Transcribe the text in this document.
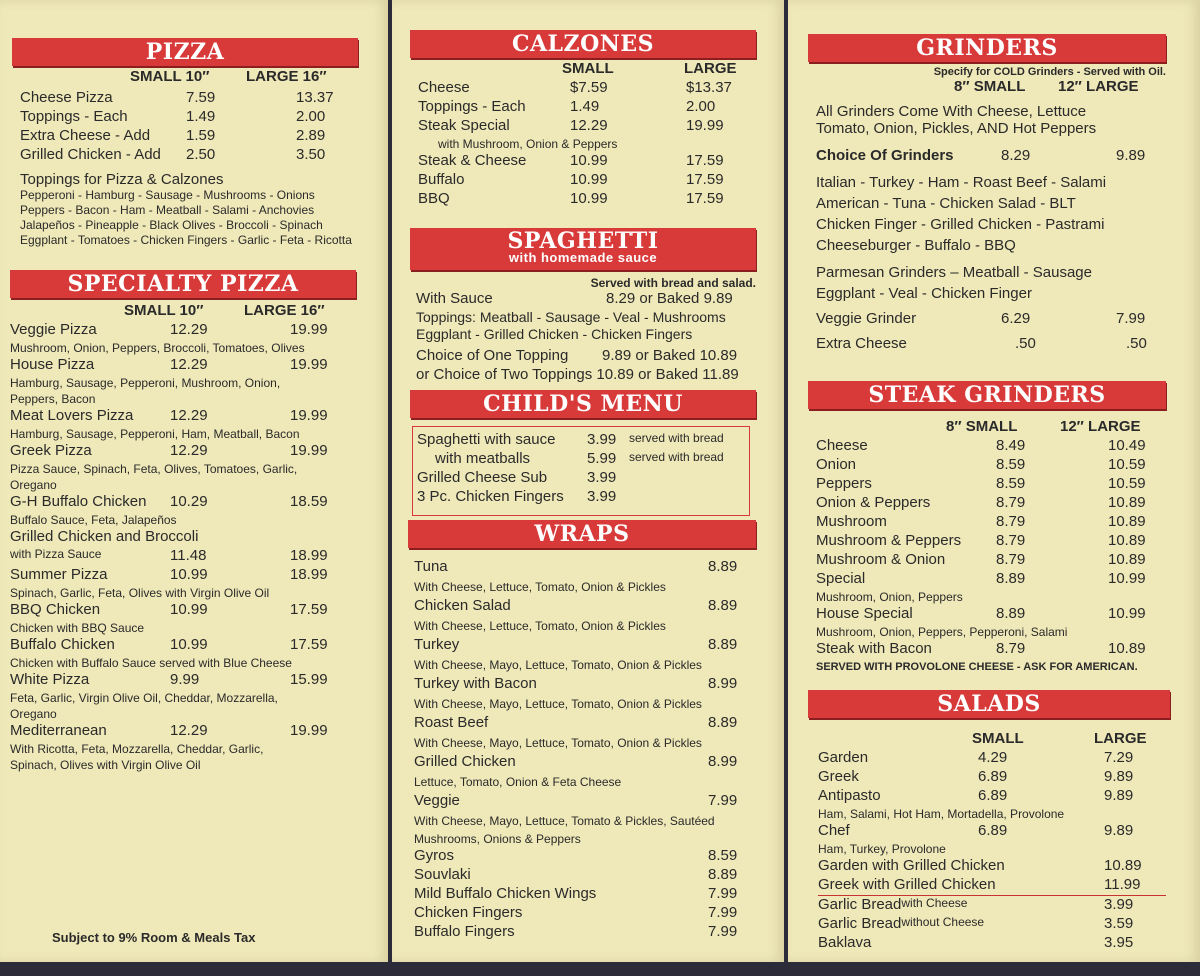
PIZZA
SMALL 10″ LARGE 16″
Cheese Pizza	7.59	13.37
Toppings - Each	1.49	2.00
Extra Cheese - Add 1.59	2.89
Grilled Chicken - Add 2.50	3.50
Toppings for Pizza & Calzones
Pepperoni - Hamburg - Sausage - Mushrooms - Onions
Peppers - Bacon - Ham - Meatball - Salami - Anchovies
Jalapeños - Pineapple - Black Olives - Broccoli - Spinach
Eggplant - Tomatoes - Chicken Fingers - Garlic - Feta - Ricotta
SPECIALTY PIZZA
SMALL 10″	LARGE 16″
Veggie Pizza	12.29	19.99
Mushroom, Onion, Peppers, Broccoli, Tomatoes, Olives
House Pizza	12.29	19.99
Hamburg, Sausage, Pepperoni, Mushroom, Onion,
Peppers, Bacon
Meat Lovers Pizza 12.29	19.99
Hamburg, Sausage, Pepperoni, Ham, Meatball, Bacon
Greek Pizza	12.29	19.99
Pizza Sauce, Spinach, Feta, Olives, Tomatoes, Garlic,
Oregano
G-H Buffalo Chicken 10.29	18.59
Buffalo Sauce, Feta, Jalapeños
Grilled Chicken and Broccoli
with Pizza Sauce	11.48	18.99
Summer Pizza	10.99	18.99
Spinach, Garlic, Feta, Olives with Virgin Olive Oil
BBQ Chicken	10.99	17.59
Chicken with BBQ Sauce
Buffalo Chicken	10.99	17.59
Chicken with Buffalo Sauce served with Blue Cheese
White Pizza	9.99	15.99
Feta, Garlic, Virgin Olive Oil, Cheddar, Mozzarella,
Oregano
Mediterranean	12.29	19.99
With Ricotta, Feta, Mozzarella, Cheddar, Garlic,
Spinach, Olives with Virgin Olive Oil
Subject to 9% Room & Meals Tax
CALZONES
SMALL	LARGE
Cheese	$7.59	$13.37
Toppings - Each	1.49	2.00
Steak Special	12.29	19.99
with Mushroom, Onion & Peppers
Steak & Cheese	10.99	17.59
Buffalo	10.99	17.59
BBQ	10.99	17.59
SPAGHETTI
with homemade sauce
Served with bread and salad.
With Sauce	8.29 or Baked 9.89
Toppings: Meatball - Sausage - Veal - Mushrooms
Eggplant - Grilled Chicken - Chicken Fingers
Choice of One Topping 9.89 or Baked 10.89
or Choice of Two Toppings 10.89 or Baked 11.89
CHILD'S MENU
Spaghetti with sauce 3.99 served with bread
with meatballs	5.99 served with bread
Grilled Cheese Sub	3.99
3 Pc. Chicken Fingers 3.99
WRAPS
Tuna	8.89
With Cheese, Lettuce, Tomato, Onion & Pickles
Chicken Salad	8.89
With Cheese, Lettuce, Tomato, Onion & Pickles
Turkey	8.89
With Cheese, Mayo, Lettuce, Tomato, Onion & Pickles
Turkey with Bacon	8.99
With Cheese, Mayo, Lettuce, Tomato, Onion & Pickles
Roast Beef	8.89
With Cheese, Mayo, Lettuce, Tomato, Onion & Pickles
Grilled Chicken	8.99
Lettuce, Tomato, Onion & Feta Cheese
Veggie	7.99
With Cheese, Mayo, Lettuce, Tomato & Pickles, Sautéed
Mushrooms, Onions & Peppers
Gyros	8.59
Souvlaki	8.89
Mild Buffalo Chicken Wings	7.99
Chicken Fingers	7.99
Buffalo Fingers	7.99
GRINDERS
Specify for COLD Grinders - Served with Oil.
8″ SMALL 12″ LARGE
All Grinders Come With Cheese, Lettuce
Tomato, Onion, Pickles, AND Hot Peppers
Choice Of Grinders	8.29	9.89
Italian - Turkey - Ham - Roast Beef - Salami
American - Tuna - Chicken Salad - BLT
Chicken Finger - Grilled Chicken - Pastrami
Cheeseburger - Buffalo - BBQ
Parmesan Grinders – Meatball - Sausage
Eggplant - Veal - Chicken Finger
Veggie Grinder	6.29	7.99
Extra Cheese	.50	.50
STEAK GRINDERS
8″ SMALL	12″ LARGE
Cheese	8.49	10.49
Onion	8.59	10.59
Peppers	8.59	10.59
Onion & Peppers	8.79	10.89
Mushroom	8.79	10.89
Mushroom & Peppers 8.79	10.89
Mushroom & Onion	8.79	10.89
Special	8.89	10.99
Mushroom, Onion, Peppers
House Special	8.89	10.99
Mushroom, Onion, Peppers, Pepperoni, Salami
Steak with Bacon	8.79	10.89
SERVED WITH PROVOLONE CHEESE - ASK FOR AMERICAN.
SALADS
SMALL	LARGE
Garden	4.29	7.29
Greek	6.89	9.89
Antipasto	6.89	9.89
Ham, Salami, Hot Ham, Mortadella, Provolone
Chef	6.89	9.89
Ham, Turkey, Provolone
Garden with Grilled Chicken	10.89
Greek with Grilled Chicken	11.99
Garlic Bread with Cheese	3.99
Garlic Bread without Cheese	3.59
Baklava	3.95
